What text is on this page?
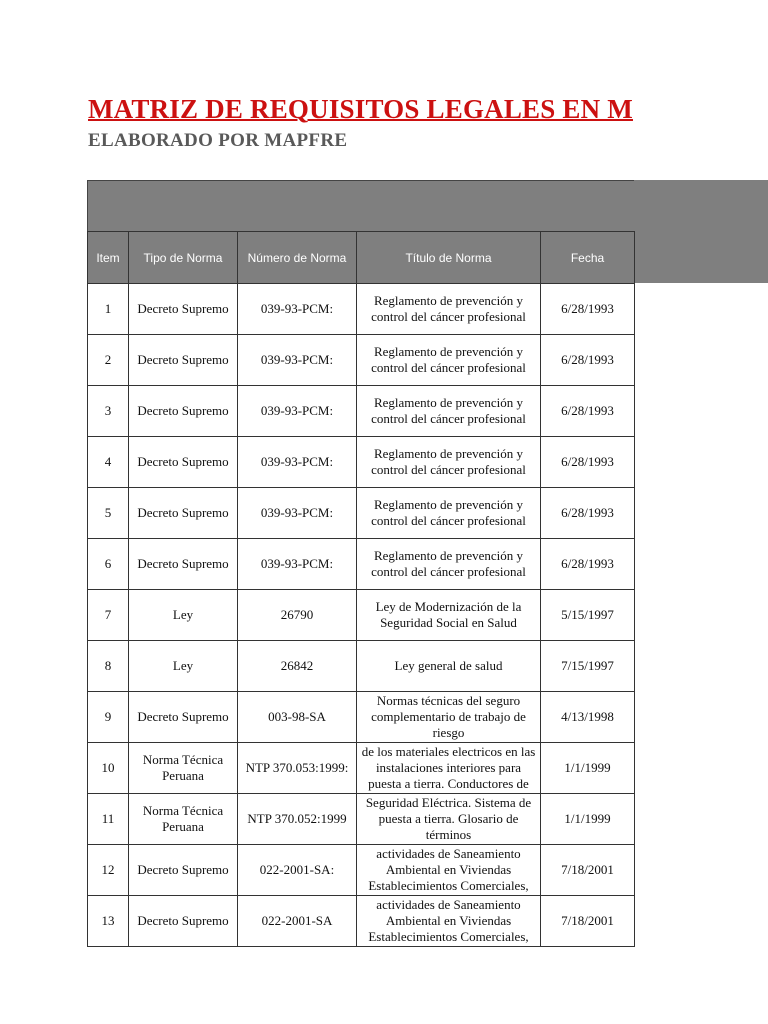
MATRIZ DE REQUISITOS LEGALES EN M
ELABORADO POR MAPFRE
Item	Tipo de Norma	Número de Norma	Título de Norma	Fecha

1	Decreto Supremo	039-93-PCM:	Reglamento de prevención y control del cáncer profesional	6/28/1993

2	Decreto Supremo	039-93-PCM:	Reglamento de prevención y control del cáncer profesional	6/28/1993

3	Decreto Supremo	039-93-PCM:	Reglamento de prevención y control del cáncer profesional	6/28/1993

4	Decreto Supremo	039-93-PCM:	Reglamento de prevención y control del cáncer profesional	6/28/1993

5	Decreto Supremo	039-93-PCM:	Reglamento de prevención y control del cáncer profesional	6/28/1993

6	Decreto Supremo	039-93-PCM:	Reglamento de prevención y control del cáncer profesional	6/28/1993

7	Ley	26790	Ley de Modernización de la Seguridad Social en Salud	5/15/1997

8	Ley	26842	Ley general de salud	7/15/1997

9	Decreto Supremo	003-98-SA	Normas técnicas del seguro complementario de trabajo de riesgo	4/13/1998

10	Norma Técnica Peruana	NTP 370.053:1999:	de los materiales electricos en las instalaciones interiores para puesta a tierra. Conductores de	1/1/1999

11	Norma Técnica Peruana	NTP 370.052:1999	Seguridad Eléctrica. Sistema de puesta a tierra. Glosario de términos	1/1/1999

12	Decreto Supremo	022-2001-SA:	actividades de Saneamiento Ambiental en Viviendas Establecimientos Comerciales,	7/18/2001

13	Decreto Supremo	022-2001-SA	actividades de Saneamiento Ambiental en Viviendas Establecimientos Comerciales,	7/18/2001
